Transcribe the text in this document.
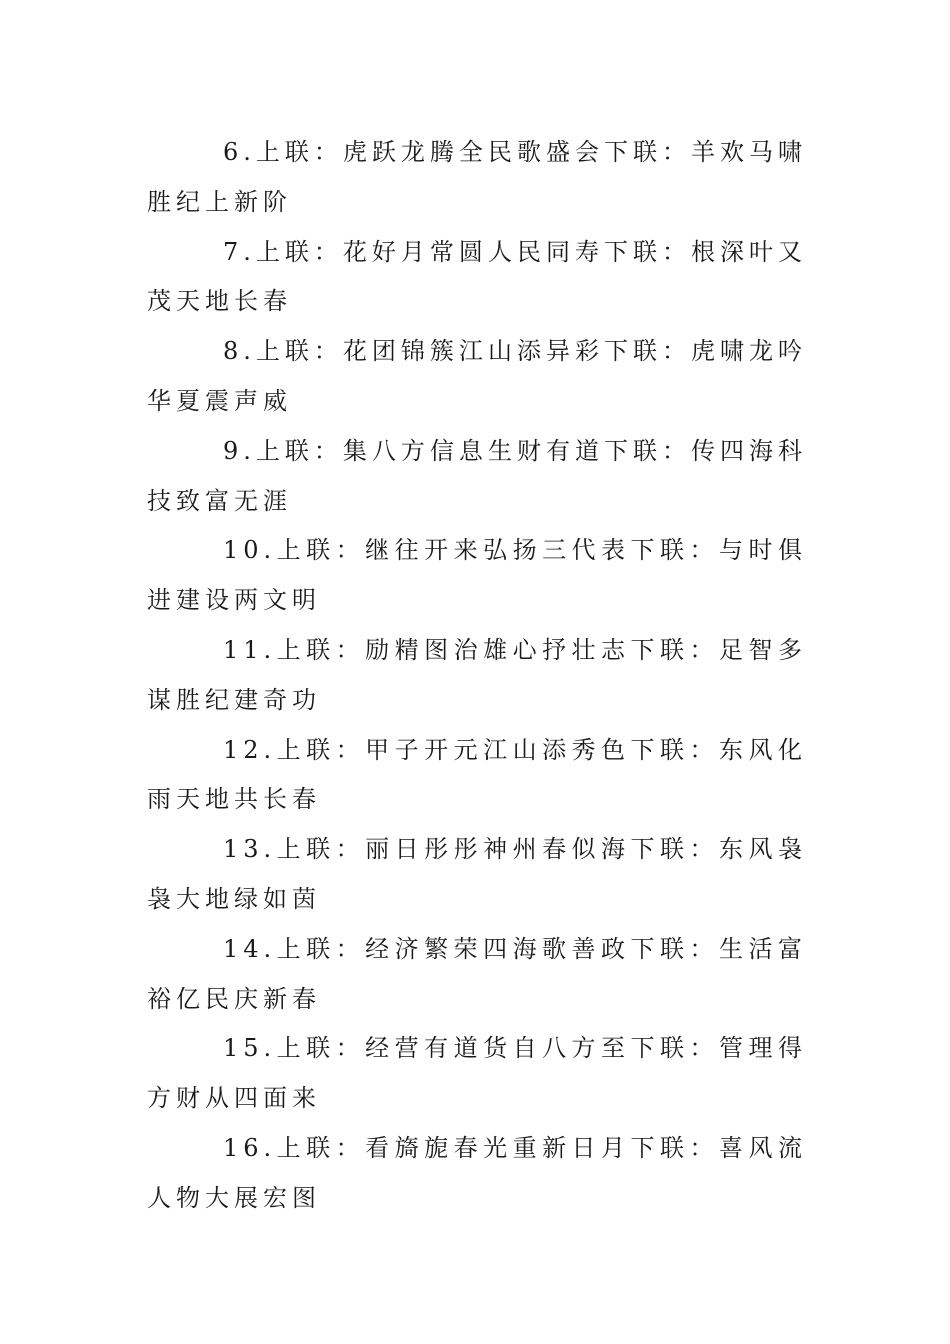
6.上联：虎跃龙腾全民歌盛会下联：羊欢马啸胜纪上新阶

7.上联：花好月常圆人民同寿下联：根深叶又茂天地长春

8.上联：花团锦簇江山添异彩下联：虎啸龙吟华夏震声威

9.上联：集八方信息生财有道下联：传四海科技致富无涯

10.上联：继往开来弘扬三代表下联：与时俱进建设两文明

11.上联：励精图治雄心抒壮志下联：足智多谋胜纪建奇功

12.上联：甲子开元江山添秀色下联：东风化雨天地共长春

13.上联：丽日彤彤神州春似海下联：东风袅袅大地绿如茵

14.上联：经济繁荣四海歌善政下联：生活富裕亿民庆新春

15.上联：经营有道货自八方至下联：管理得方财从四面来

16.上联：看旖旎春光重新日月下联：喜风流人物大展宏图
